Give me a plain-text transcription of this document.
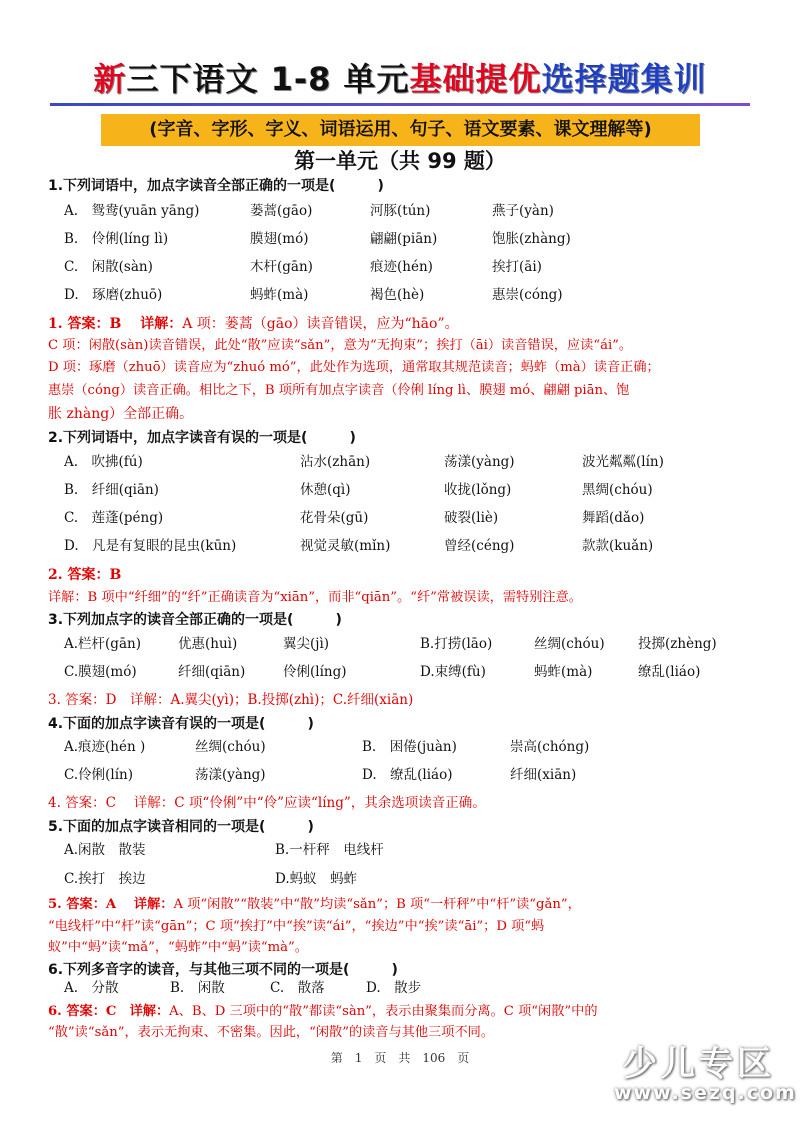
新三下语文 1-8 单元基础提优选择题集训
(字音、字形、字义、词语运用、句子、语文要素、课文理解等)
第一单元（共 99 题）
1.下列词语中，加点字读音全部正确的一项是(　　　)
A.　鸳鸯(yuān yāng)	蒌蒿(gāo)	河豚(tún)	燕子(yàn)
B.　伶俐(líng lì)	膜翅(mó)	翩翩(piān)	饱胀(zhàng)
C.　闲散(sàn)	木杆(gān)	痕迹(hén)	挨打(āi)
D.　琢磨(zhuō)	蚂蚱(mà)	褐色(hè)	惠崇(cóng)
1. 答案：B　 详解：A 项：蒌蒿（gāo）读音错误，应为“hāo”。
C 项：闲散(sàn)读音错误，此处“散”应读“sǎn”，意为“无拘束”；挨打（āi）读音错误，应读“ái”。
D 项：琢磨（zhuō）读音应为“zhuó mó”，此处作为选项，通常取其规范读音；蚂蚱（mà）读音正确；
惠崇（cóng）读音正确。相比之下，B 项所有加点字读音（伶俐 líng lì、膜翅 mó、翩翩 piān、饱
胀 zhàng）全部正确。
2.下列词语中，加点字读音有误的一项是(　　　)
A.　吹拂(fú)	沾水(zhān)	荡漾(yàng)	波光粼粼(lín)
B.　纤细(qiān)	休憩(qì)	收拢(lǒng)	黑绸(chóu)
C.　莲蓬(péng)	花骨朵(gū)	破裂(liè)	舞蹈(dǎo)
D.　凡是有复眼的昆虫(kūn)	视觉灵敏(mǐn)	曾经(céng)	款款(kuǎn)
2. 答案：B
详解：B 项中“纤细”的“纤”正确读音为“xiān”，而非“qiān”。“纤”常被误读，需特别注意。
3.下列加点字的读音全部正确的一项是(　　　)
A.栏杆(gān)	优惠(huì)	翼尖(jì)	B.打捞(lāo)	丝绸(chóu) 投掷(zhèng)
C.膜翅(mó)	纤细(qiān)	伶俐(líng)	D.束缚(fù)	蚂蚱(mà)	缭乱(liáo)
3. 答案：D　详解：A.翼尖(yì)；B.投掷(zhì)；C.纤细(xiān)
4.下面的加点字读音有误的一项是(　　　)
A.痕迹(hén )	丝绸(chóu)	B.　困倦(juàn)	崇高(chóng)
C.伶俐(lín)	荡漾(yàng)	D.　缭乱(liáo)	纤细(xiān)
4. 答案：C　 详解：C 项“伶俐”中“伶”应读“líng”，其余选项读音正确。
5.下面的加点字读音相同的一项是(　　　)
A.闲散　散装	B.一杆秤　电线杆
C.挨打　挨边	D.蚂蚁　蚂蚱
5. 答案：A　 详解：A 项“闲散”“散装”中“散”均读“sǎn”；B 项“一杆秤”中“杆”读“gǎn”，
“电线杆”中“杆”读“gān”；C 项“挨打”中“挨”读“ái”，“挨边”中“挨”读“āi”；D 项“蚂
蚁”中“蚂”读“mǎ”，“蚂蚱”中“蚂”读“mà”。
6.下列多音字的读音，与其他三项不同的一项是(　　　)
A.　分散	B.　闲散	C.　散落	D.　散步
6. 答案：C　详解：A、B、D 三项中的“散”都读“sàn”，表示由聚集而分离。C 项“闲散”中的
“散”读“sǎn”，表示无拘束、不密集。因此，“闲散”的读音与其他三项不同。
第　1　页　共　106　页	少儿专区
www.sezq.com
